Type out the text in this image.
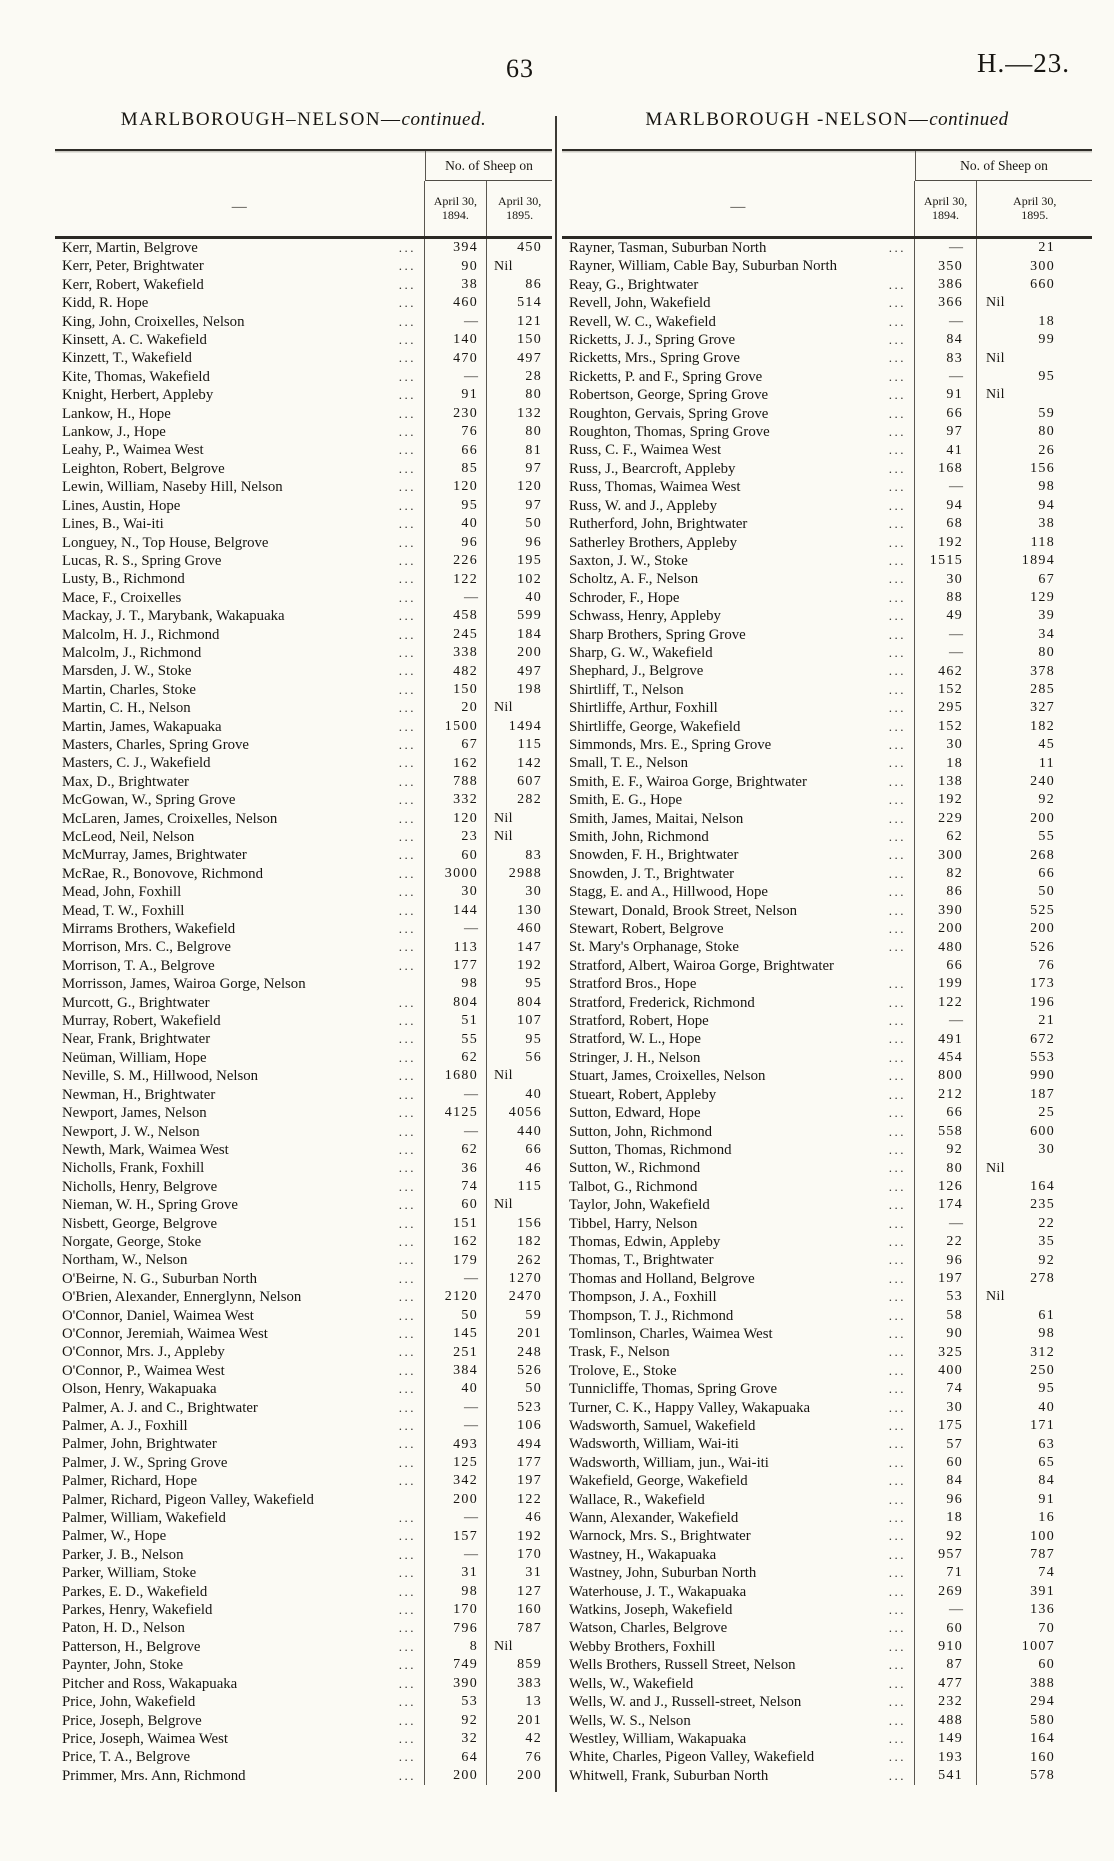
63	H.—23.
MARLBOROUGH–NELSON—continued.	MARLBOROUGH -NELSON—continued
No. of Sheep on
—	April 30, 1894.
April 30, 1895.
Kerr, Martin, Belgrove	...	394	450
Kerr, Peter, Brightwater	...	90	Nil
Kerr, Robert, Wakefield	...	38	86
Kidd, R. Hope	...	460	514
King, John, Croixelles, Nelson	...	—	121
Kinsett, A. C. Wakefield	...	140	150
Kinzett, T., Wakefield	...	470	497
Kite, Thomas, Wakefield	...	—	28
Knight, Herbert, Appleby	...	91	80
Lankow, H., Hope	...	230	132
Lankow, J., Hope	...	76	80
Leahy, P., Waimea West	...	66	81
Leighton, Robert, Belgrove	...	85	97
Lewin, William, Naseby Hill, Nelson	...	120	120
Lines, Austin, Hope	...	95	97
Lines, B., Wai-iti	...	40	50
Longuey, N., Top House, Belgrove	...	96	96
Lucas, R. S., Spring Grove	...	226	195
Lusty, B., Richmond	...	122	102
Mace, F., Croixelles	...	—	40
Mackay, J. T., Marybank, Wakapuaka	...	458	599
Malcolm, H. J., Richmond	...	245	184
Malcolm, J., Richmond	...	338	200
Marsden, J. W., Stoke	...	482	497
Martin, Charles, Stoke	...	150	198
Martin, C. H., Nelson	...	20	Nil
Martin, James, Wakapuaka	...	1500	1494
Masters, Charles, Spring Grove	...	67	115
Masters, C. J., Wakefield	...	162	142
Max, D., Brightwater	...	788	607
McGowan, W., Spring Grove	...	332	282
McLaren, James, Croixelles, Nelson	...	120	Nil
McLeod, Neil, Nelson	...	23	Nil
McMurray, James, Brightwater	...	60	83
McRae, R., Bonovove, Richmond	...	3000	2988
Mead, John, Foxhill	...	30	30
Mead, T. W., Foxhill	...	144	130
Mirrams Brothers, Wakefield	...	—	460
Morrison, Mrs. C., Belgrove	...	113	147
Morrison, T. A., Belgrove	...	177	192
Morrisson, James, Wairoa Gorge, Nelson	98	95
Murcott, G., Brightwater	...	804	804
Murray, Robert, Wakefield	...	51	107
Near, Frank, Brightwater	...	55	95
Neüman, William, Hope	...	62	56
Neville, S. M., Hillwood, Nelson	...	1680	Nil
Newman, H., Brightwater	...	—	40
Newport, James, Nelson	...	4125	4056
Newport, J. W., Nelson	...	—	440
Newth, Mark, Waimea West	...	62	66
Nicholls, Frank, Foxhill	...	36	46
Nicholls, Henry, Belgrove	...	74	115
Nieman, W. H., Spring Grove	...	60	Nil
Nisbett, George, Belgrove	...	151	156
Norgate, George, Stoke	...	162	182
Northam, W., Nelson	...	179	262
O'Beirne, N. G., Suburban North	...	—	1270
O'Brien, Alexander, Ennerglynn, Nelson	...	2120	2470
O'Connor, Daniel, Waimea West	...	50	59
O'Connor, Jeremiah, Waimea West	...	145	201
O'Connor, Mrs. J., Appleby	...	251	248
O'Connor, P., Waimea West	...	384	526
Olson, Henry, Wakapuaka	...	40	50
Palmer, A. J. and C., Brightwater	...	—	523
Palmer, A. J., Foxhill	...	—	106
Palmer, John, Brightwater	...	493	494
Palmer, J. W., Spring Grove	...	125	177
Palmer, Richard, Hope	...	342	197
Palmer, Richard, Pigeon Valley, Wakefield	200	122
Palmer, William, Wakefield	...	—	46
Palmer, W., Hope	...	157	192
Parker, J. B., Nelson	...	—	170
Parker, William, Stoke	...	31	31
Parkes, E. D., Wakefield	...	98	127
Parkes, Henry, Wakefield	...	170	160
Paton, H. D., Nelson	...	796	787
Patterson, H., Belgrove	...	8	Nil
Paynter, John, Stoke	...	749	859
Pitcher and Ross, Wakapuaka	...	390	383
Price, John, Wakefield	...	53	13
Price, Joseph, Belgrove	...	92	201
Price, Joseph, Waimea West	...	32	42
Price, T. A., Belgrove	...	64	76
Primmer, Mrs. Ann, Richmond	...	200	200
No. of Sheep on
—	April 30, 1894.
April 30, 1895.
Rayner, Tasman, Suburban North	...	—	21
Rayner, William, Cable Bay, Suburban North	350	300
Reay, G., Brightwater	...	386	660
Revell, John, Wakefield	...	366	Nil
Revell, W. C., Wakefield	...	—	18
Ricketts, J. J., Spring Grove	...	84	99
Ricketts, Mrs., Spring Grove	...	83	Nil
Ricketts, P. and F., Spring Grove	...	—	95
Robertson, George, Spring Grove	...	91	Nil
Roughton, Gervais, Spring Grove	...	66	59
Roughton, Thomas, Spring Grove	...	97	80
Russ, C. F., Waimea West	...	41	26
Russ, J., Bearcroft, Appleby	...	168	156
Russ, Thomas, Waimea West	...	—	98
Russ, W. and J., Appleby	...	94	94
Rutherford, John, Brightwater	...	68	38
Satherley Brothers, Appleby	...	192	118
Saxton, J. W., Stoke	...	1515	1894
Scholtz, A. F., Nelson	...	30	67
Schroder, F., Hope	...	88	129
Schwass, Henry, Appleby	...	49	39
Sharp Brothers, Spring Grove	...	—	34
Sharp, G. W., Wakefield	...	—	80
Shephard, J., Belgrove	...	462	378
Shirtliff, T., Nelson	...	152	285
Shirtliffe, Arthur, Foxhill	...	295	327
Shirtliffe, George, Wakefield	...	152	182
Simmonds, Mrs. E., Spring Grove	...	30	45
Small, T. E., Nelson	...	18	11
Smith, E. F., Wairoa Gorge, Brightwater	...	138	240
Smith, E. G., Hope	...	192	92
Smith, James, Maitai, Nelson	...	229	200
Smith, John, Richmond	...	62	55
Snowden, F. H., Brightwater	...	300	268
Snowden, J. T., Brightwater	...	82	66
Stagg, E. and A., Hillwood, Hope	...	86	50
Stewart, Donald, Brook Street, Nelson	...	390	525
Stewart, Robert, Belgrove	...	200	200
St. Mary's Orphanage, Stoke	...	480	526
Stratford, Albert, Wairoa Gorge, Brightwater	66	76
Stratford Bros., Hope	...	199	173
Stratford, Frederick, Richmond	...	122	196
Stratford, Robert, Hope	...	—	21
Stratford, W. L., Hope	...	491	672
Stringer, J. H., Nelson	...	454	553
Stuart, James, Croixelles, Nelson	...	800	990
Stueart, Robert, Appleby	...	212	187
Sutton, Edward, Hope	...	66	25
Sutton, John, Richmond	...	558	600
Sutton, Thomas, Richmond	...	92	30
Sutton, W., Richmond	...	80	Nil
Talbot, G., Richmond	...	126	164
Taylor, John, Wakefield	...	174	235
Tibbel, Harry, Nelson	...	—	22
Thomas, Edwin, Appleby	...	22	35
Thomas, T., Brightwater	...	96	92
Thomas and Holland, Belgrove	...	197	278
Thompson, J. A., Foxhill	...	53	Nil
Thompson, T. J., Richmond	...	58	61
Tomlinson, Charles, Waimea West	...	90	98
Trask, F., Nelson	...	325	312
Trolove, E., Stoke	...	400	250
Tunnicliffe, Thomas, Spring Grove	...	74	95
Turner, C. K., Happy Valley, Wakapuaka	...	30	40
Wadsworth, Samuel, Wakefield	...	175	171
Wadsworth, William, Wai-iti	...	57	63
Wadsworth, William, jun., Wai-iti	...	60	65
Wakefield, George, Wakefield	...	84	84
Wallace, R., Wakefield	...	96	91
Wann, Alexander, Wakefield	...	18	16
Warnock, Mrs. S., Brightwater	...	92	100
Wastney, H., Wakapuaka	...	957	787
Wastney, John, Suburban North	...	71	74
Waterhouse, J. T., Wakapuaka	...	269	391
Watkins, Joseph, Wakefield	...	—	136
Watson, Charles, Belgrove	...	60	70
Webby Brothers, Foxhill	...	910	1007
Wells Brothers, Russell Street, Nelson	...	87	60
Wells, W., Wakefield	...	477	388
Wells, W. and J., Russell-street, Nelson	...	232	294
Wells, W. S., Nelson	...	488	580
Westley, William, Wakapuaka	...	149	164
White, Charles, Pigeon Valley, Wakefield	...	193	160
Whitwell, Frank, Suburban North	...	541	578
